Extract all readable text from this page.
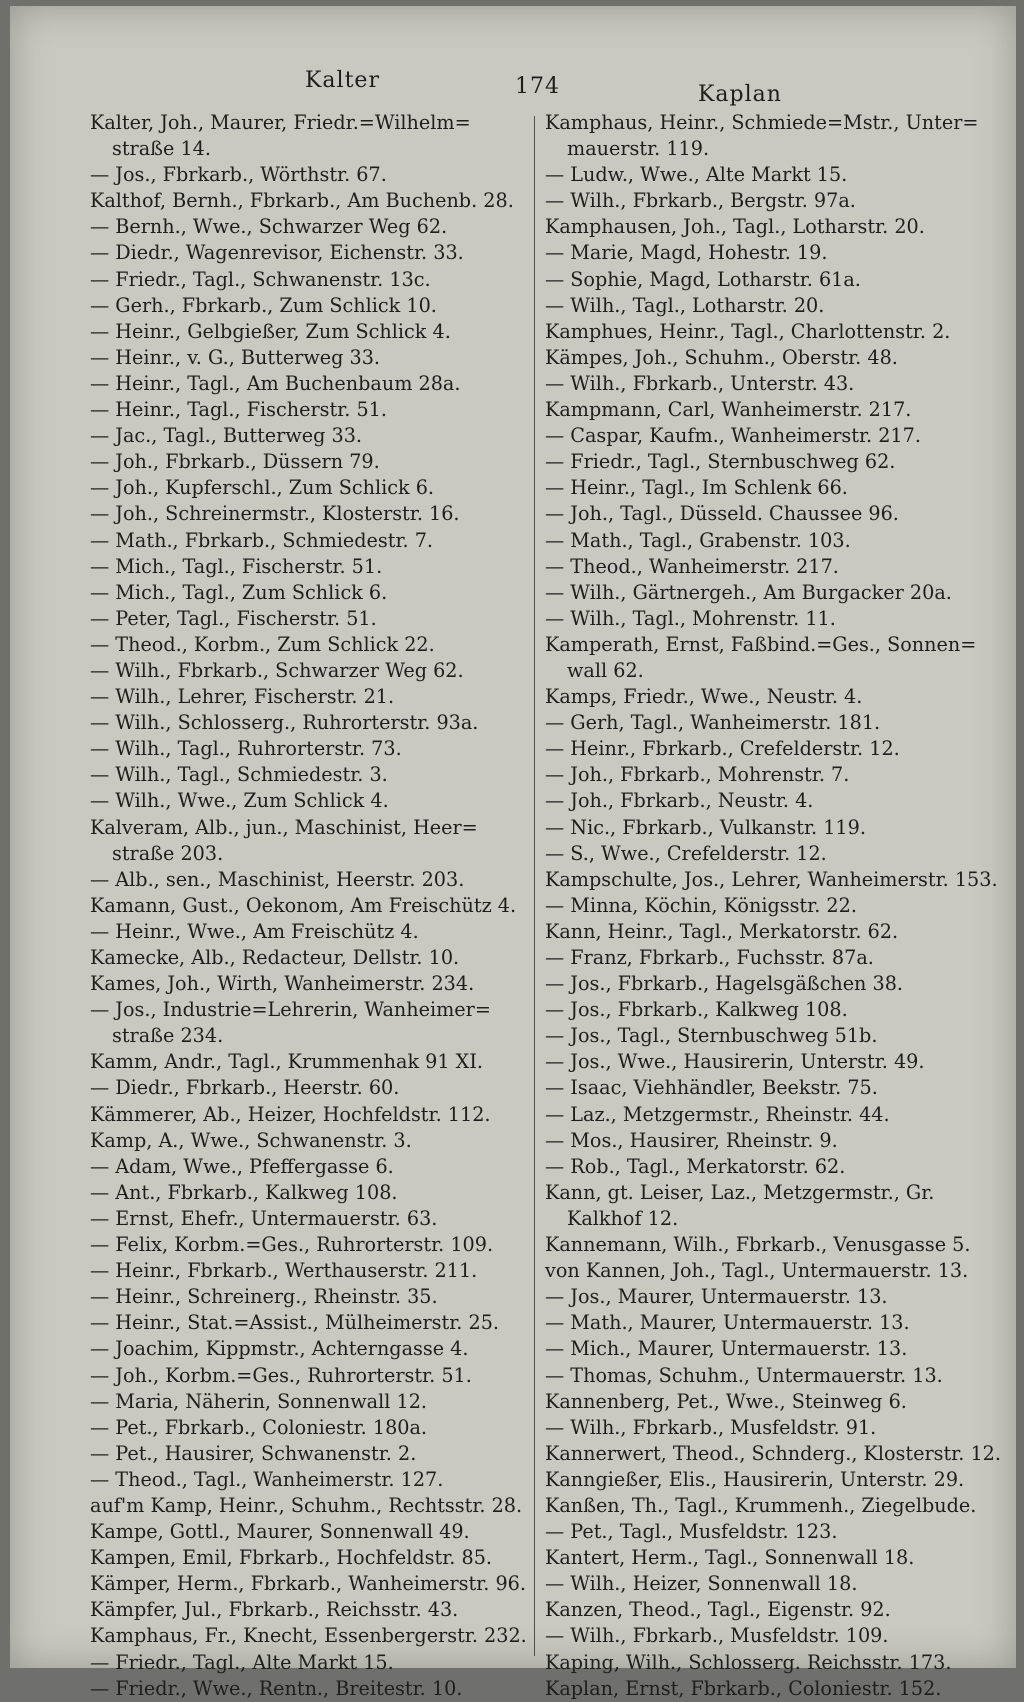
Kalter	174	Kaplan
Kalter, Joh., Maurer, Friedr.=Wilhelm=
straße 14.
— Jos., Fbrkarb., Wörthstr. 67.
Kalthof, Bernh., Fbrkarb., Am Buchenb. 28.
— Bernh., Wwe., Schwarzer Weg 62.
— Diedr., Wagenrevisor, Eichenstr. 33.
— Friedr., Tagl., Schwanenstr. 13c.
— Gerh., Fbrkarb., Zum Schlick 10.
— Heinr., Gelbgießer, Zum Schlick 4.
— Heinr., v. G., Butterweg 33.
— Heinr., Tagl., Am Buchenbaum 28a.
— Heinr., Tagl., Fischerstr. 51.
— Jac., Tagl., Butterweg 33.
— Joh., Fbrkarb., Düssern 79.
— Joh., Kupferschl., Zum Schlick 6.
— Joh., Schreinermstr., Klosterstr. 16.
— Math., Fbrkarb., Schmiedestr. 7.
— Mich., Tagl., Fischerstr. 51.
— Mich., Tagl., Zum Schlick 6.
— Peter, Tagl., Fischerstr. 51.
— Theod., Korbm., Zum Schlick 22.
— Wilh., Fbrkarb., Schwarzer Weg 62.
— Wilh., Lehrer, Fischerstr. 21.
— Wilh., Schlosserg., Ruhrorterstr. 93a.
— Wilh., Tagl., Ruhrorterstr. 73.
— Wilh., Tagl., Schmiedestr. 3.
— Wilh., Wwe., Zum Schlick 4.
Kalveram, Alb., jun., Maschinist, Heer=
straße 203.
— Alb., sen., Maschinist, Heerstr. 203.
Kamann, Gust., Oekonom, Am Freischütz 4.
— Heinr., Wwe., Am Freischütz 4.
Kamecke, Alb., Redacteur, Dellstr. 10.
Kames, Joh., Wirth, Wanheimerstr. 234.
— Jos., Industrie=Lehrerin, Wanheimer=
straße 234.
Kamm, Andr., Tagl., Krummenhak 91 XI.
— Diedr., Fbrkarb., Heerstr. 60.
Kämmerer, Ab., Heizer, Hochfeldstr. 112.
Kamp, A., Wwe., Schwanenstr. 3.
— Adam, Wwe., Pfeffergasse 6.
— Ant., Fbrkarb., Kalkweg 108.
— Ernst, Ehefr., Untermauerstr. 63.
— Felix, Korbm.=Ges., Ruhrorterstr. 109.
— Heinr., Fbrkarb., Werthauserstr. 211.
— Heinr., Schreinerg., Rheinstr. 35.
— Heinr., Stat.=Assist., Mülheimerstr. 25.
— Joachim, Kippmstr., Achterngasse 4.
— Joh., Korbm.=Ges., Ruhrorterstr. 51.
— Maria, Näherin, Sonnenwall 12.
— Pet., Fbrkarb., Coloniestr. 180a.
— Pet., Hausirer, Schwanenstr. 2.
— Theod., Tagl., Wanheimerstr. 127.
auf'm Kamp, Heinr., Schuhm., Rechtsstr. 28.
Kampe, Gottl., Maurer, Sonnenwall 49.
Kampen, Emil, Fbrkarb., Hochfeldstr. 85.
Kämper, Herm., Fbrkarb., Wanheimerstr. 96.
Kämpfer, Jul., Fbrkarb., Reichsstr. 43.
Kamphaus, Fr., Knecht, Essenbergerstr. 232.
— Friedr., Tagl., Alte Markt 15.
— Friedr., Wwe., Rentn., Breitestr. 10.
Kamphaus, Heinr., Schmiede=Mstr., Unter=
mauerstr. 119.
— Ludw., Wwe., Alte Markt 15.
— Wilh., Fbrkarb., Bergstr. 97a.
Kamphausen, Joh., Tagl., Lotharstr. 20.
— Marie, Magd, Hohestr. 19.
— Sophie, Magd, Lotharstr. 61a.
— Wilh., Tagl., Lotharstr. 20.
Kamphues, Heinr., Tagl., Charlottenstr. 2.
Kämpes, Joh., Schuhm., Oberstr. 48.
— Wilh., Fbrkarb., Unterstr. 43.
Kampmann, Carl, Wanheimerstr. 217.
— Caspar, Kaufm., Wanheimerstr. 217.
— Friedr., Tagl., Sternbuschweg 62.
— Heinr., Tagl., Im Schlenk 66.
— Joh., Tagl., Düsseld. Chaussee 96.
— Math., Tagl., Grabenstr. 103.
— Theod., Wanheimerstr. 217.
— Wilh., Gärtnergeh., Am Burgacker 20a.
— Wilh., Tagl., Mohrenstr. 11.
Kamperath, Ernst, Faßbind.=Ges., Sonnen=
wall 62.
Kamps, Friedr., Wwe., Neustr. 4.
— Gerh, Tagl., Wanheimerstr. 181.
— Heinr., Fbrkarb., Crefelderstr. 12.
— Joh., Fbrkarb., Mohrenstr. 7.
— Joh., Fbrkarb., Neustr. 4.
— Nic., Fbrkarb., Vulkanstr. 119.
— S., Wwe., Crefelderstr. 12.
Kampschulte, Jos., Lehrer, Wanheimerstr. 153.
— Minna, Köchin, Königsstr. 22.
Kann, Heinr., Tagl., Merkatorstr. 62.
— Franz, Fbrkarb., Fuchsstr. 87a.
— Jos., Fbrkarb., Hagelsgäßchen 38.
— Jos., Fbrkarb., Kalkweg 108.
— Jos., Tagl., Sternbuschweg 51b.
— Jos., Wwe., Hausirerin, Unterstr. 49.
— Isaac, Viehhändler, Beekstr. 75.
— Laz., Metzgermstr., Rheinstr. 44.
— Mos., Hausirer, Rheinstr. 9.
— Rob., Tagl., Merkatorstr. 62.
Kann, gt. Leiser, Laz., Metzgermstr., Gr.
Kalkhof 12.
Kannemann, Wilh., Fbrkarb., Venusgasse 5.
von Kannen, Joh., Tagl., Untermauerstr. 13.
— Jos., Maurer, Untermauerstr. 13.
— Math., Maurer, Untermauerstr. 13.
— Mich., Maurer, Untermauerstr. 13.
— Thomas, Schuhm., Untermauerstr. 13.
Kannenberg, Pet., Wwe., Steinweg 6.
— Wilh., Fbrkarb., Musfeldstr. 91.
Kannerwert, Theod., Schnderg., Klosterstr. 12.
Kanngießer, Elis., Hausirerin, Unterstr. 29.
Kanßen, Th., Tagl., Krummenh., Ziegelbude.
— Pet., Tagl., Musfeldstr. 123.
Kantert, Herm., Tagl., Sonnenwall 18.
— Wilh., Heizer, Sonnenwall 18.
Kanzen, Theod., Tagl., Eigenstr. 92.
— Wilh., Fbrkarb., Musfeldstr. 109.
Kaping, Wilh., Schlosserg. Reichsstr. 173.
Kaplan, Ernst, Fbrkarb., Coloniestr. 152.
